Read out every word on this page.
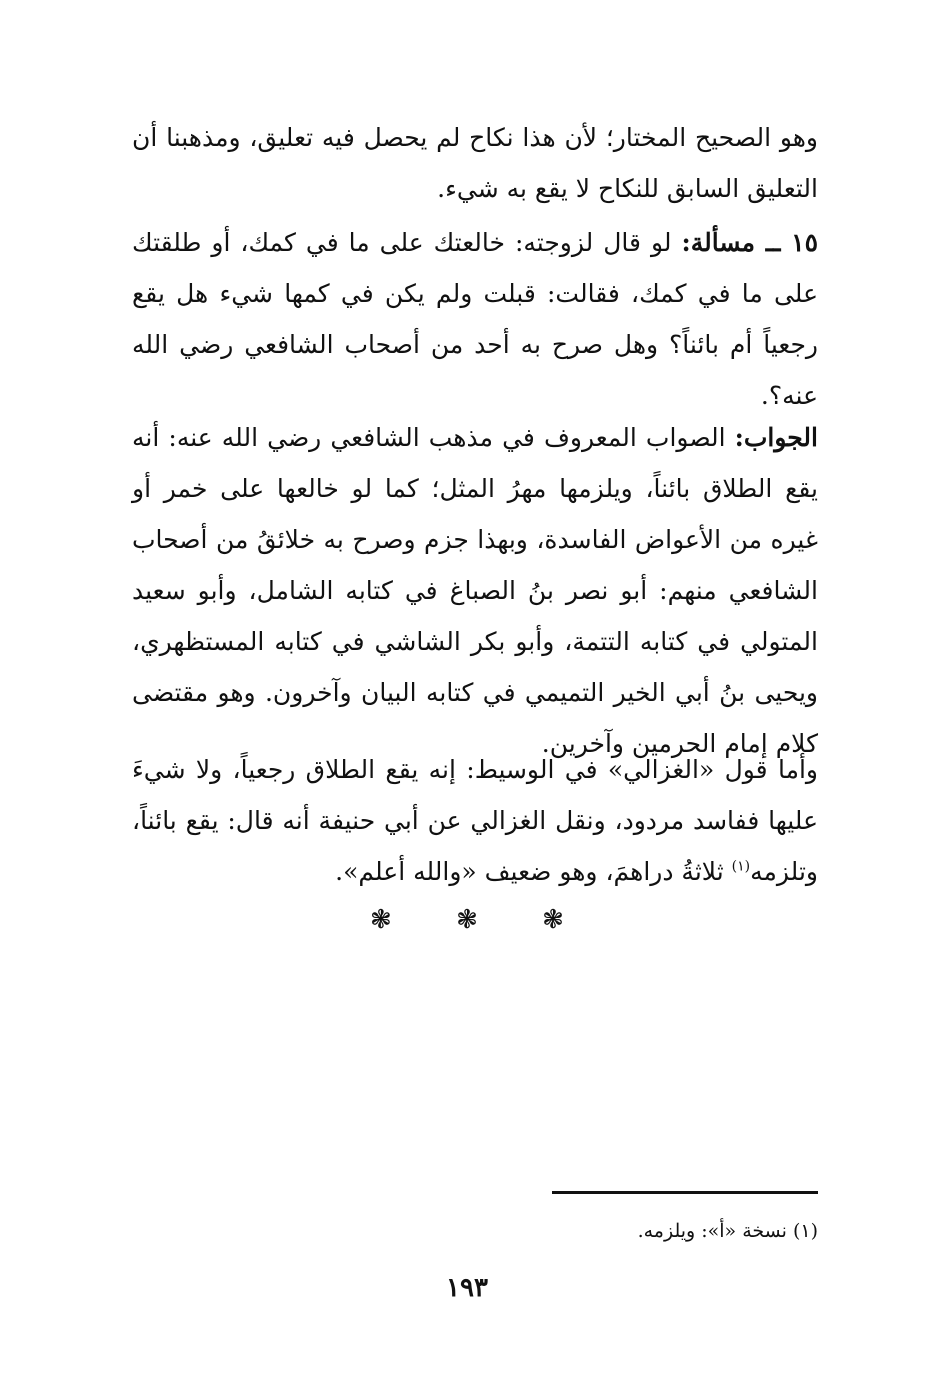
وهو الصحيح المختار؛ لأن هذا نكاح لم يحصل فيه تعليق، ومذهبنا أن التعليق السابق للنكاح لا يقع به شيء.

١٥ ــ مسألة: لو قال لزوجته: خالعتك على ما في كمك، أو طلقتك على ما في كمك، فقالت: قبلت ولم يكن في كمها شيء هل يقع رجعياً أم بائناً؟ وهل صرح به أحد من أصحاب الشافعي رضي الله عنه؟.

الجواب: الصواب المعروف في مذهب الشافعي رضي الله عنه: أنه يقع الطلاق بائناً، ويلزمها مهرُ المثل؛ كما لو خالعها على خمر أو غيره من الأعواض الفاسدة، وبهذا جزم وصرح به خلائقُ من أصحاب الشافعي منهم: أبو نصر بنُ الصباغ في كتابه الشامل، وأبو سعيد المتولي في كتابه التتمة، وأبو بكر الشاشي في كتابه المستظهري، ويحيى بنُ أبي الخير التميمي في كتابه البيان وآخرون. وهو مقتضى كلام إمام الحرمين وآخرين.

وأما قول «الغزالي» في الوسيط: إنه يقع الطلاق رجعياً، ولا شيءَ عليها ففاسد مردود، ونقل الغزالي عن أبي حنيفة أنه قال: يقع بائناً، وتلزمه$^{(١)}$ ثلاثةُ دراهمَ، وهو ضعيف «والله أعلم».

❃ ❃ ❃

(١) نسخة «أ»: ويلزمه.

١٩٣
